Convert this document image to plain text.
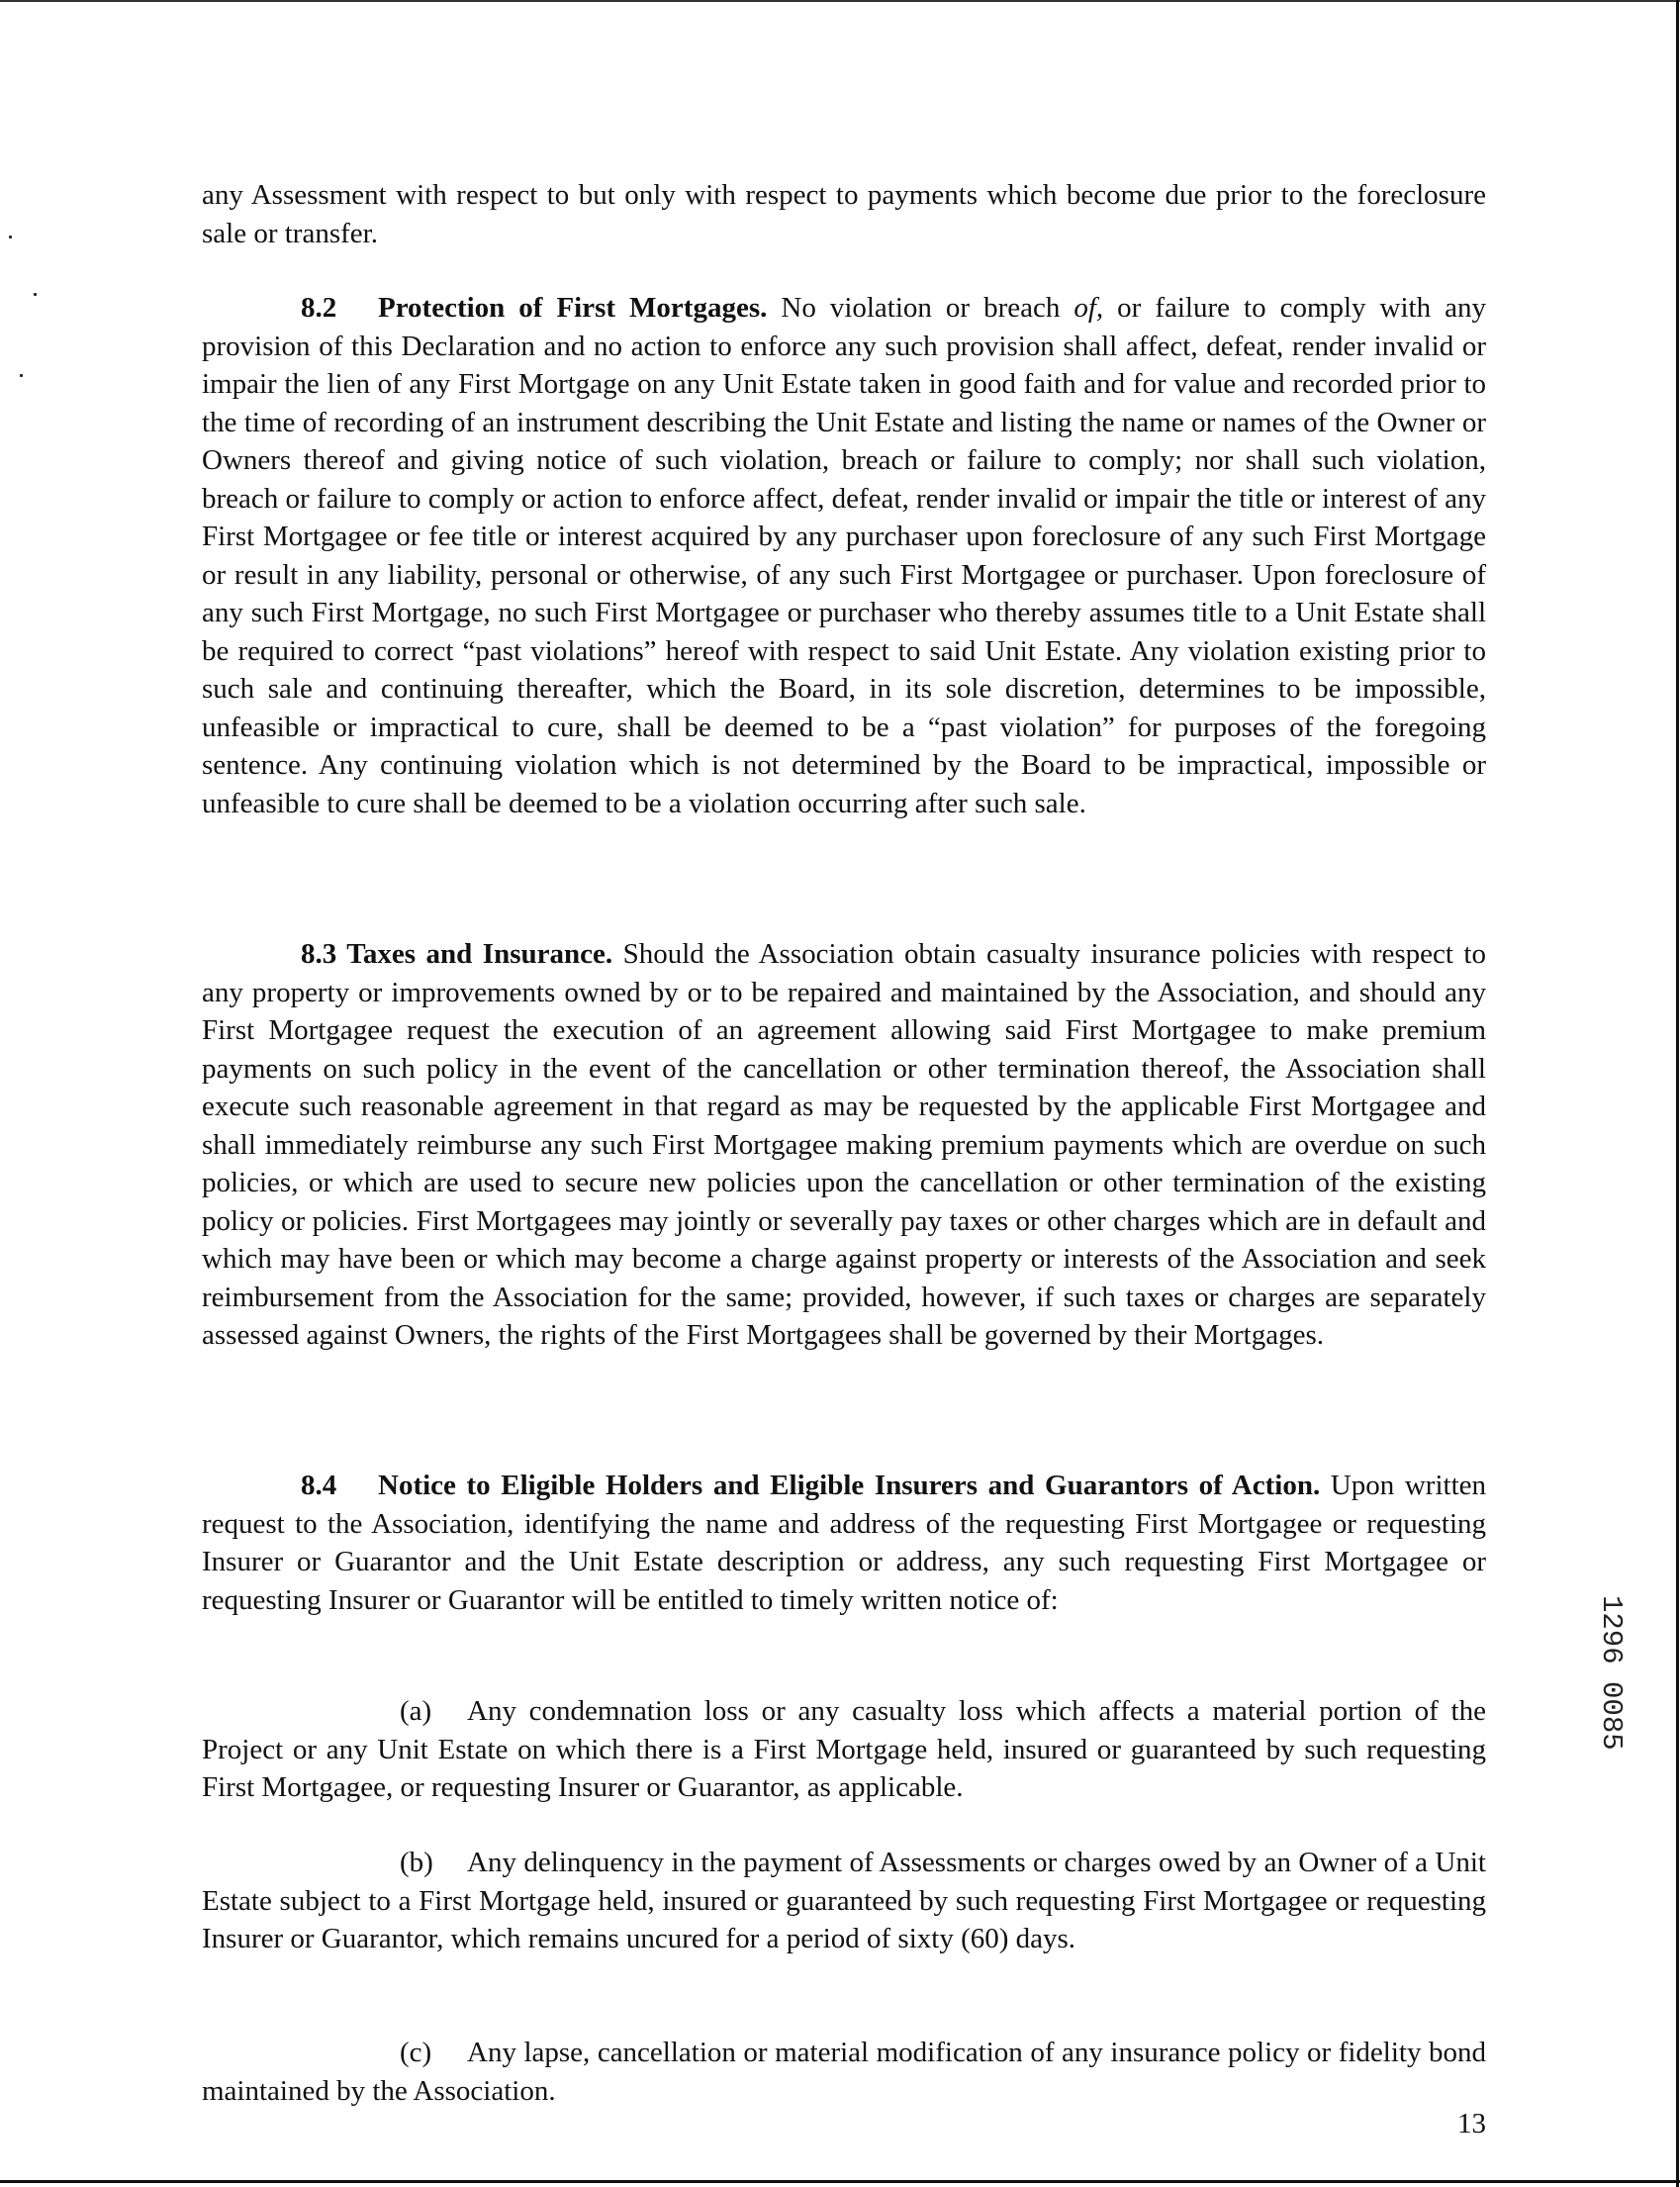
any Assessment with respect to but only with respect to payments which become due prior to the foreclosure sale or transfer.

8.2 Protection of First Mortgages. No violation or breach of, or failure to comply with any provision of this Declaration and no action to enforce any such provision shall affect, defeat, render invalid or impair the lien of any First Mortgage on any Unit Estate taken in good faith and for value and recorded prior to the time of recording of an instrument describing the Unit Estate and listing the name or names of the Owner or Owners thereof and giving notice of such violation, breach or failure to comply; nor shall such violation, breach or failure to comply or action to enforce affect, defeat, render invalid or impair the title or interest of any First Mortgagee or fee title or interest acquired by any purchaser upon foreclosure of any such First Mortgage or result in any liability, personal or otherwise, of any such First Mortgagee or purchaser. Upon foreclosure of any such First Mortgage, no such First Mortgagee or purchaser who thereby assumes title to a Unit Estate shall be required to correct “past violations” hereof with respect to said Unit Estate. Any violation existing prior to such sale and continuing thereafter, which the Board, in its sole discretion, determines to be impossible, unfeasible or impractical to cure, shall be deemed to be a “past violation” for purposes of the foregoing sentence. Any continuing violation which is not determined by the Board to be impractical, impossible or unfeasible to cure shall be deemed to be a violation occurring after such sale.

8.3 Taxes and Insurance. Should the Association obtain casualty insurance policies with respect to any property or improvements owned by or to be repaired and maintained by the Association, and should any First Mortgagee request the execution of an agreement allowing said First Mortgagee to make premium payments on such policy in the event of the cancellation or other termination thereof, the Association shall execute such reasonable agreement in that regard as may be requested by the applicable First Mortgagee and shall immediately reimburse any such First Mortgagee making premium payments which are overdue on such policies, or which are used to secure new policies upon the cancellation or other termination of the existing policy or policies. First Mortgagees may jointly or severally pay taxes or other charges which are in default and which may have been or which may become a charge against property or interests of the Association and seek reimbursement from the Association for the same; provided, however, if such taxes or charges are separately assessed against Owners, the rights of the First Mortgagees shall be governed by their Mortgages.

8.4 Notice to Eligible Holders and Eligible Insurers and Guarantors of Action. Upon written request to the Association, identifying the name and address of the requesting First Mortgagee or requesting Insurer or Guarantor and the Unit Estate description or address, any such requesting First Mortgagee or requesting Insurer or Guarantor will be entitled to timely written notice of:

(a) Any condemnation loss or any casualty loss which affects a material portion of the Project or any Unit Estate on which there is a First Mortgage held, insured or guaranteed by such requesting First Mortgagee, or requesting Insurer or Guarantor, as applicable.

(b) Any delinquency in the payment of Assessments or charges owed by an Owner of a Unit Estate subject to a First Mortgage held, insured or guaranteed by such requesting First Mortgagee or requesting Insurer or Guarantor, which remains uncured for a period of sixty (60) days.

(c) Any lapse, cancellation or material modification of any insurance policy or fidelity bond maintained by the Association.

13
1296 0085
